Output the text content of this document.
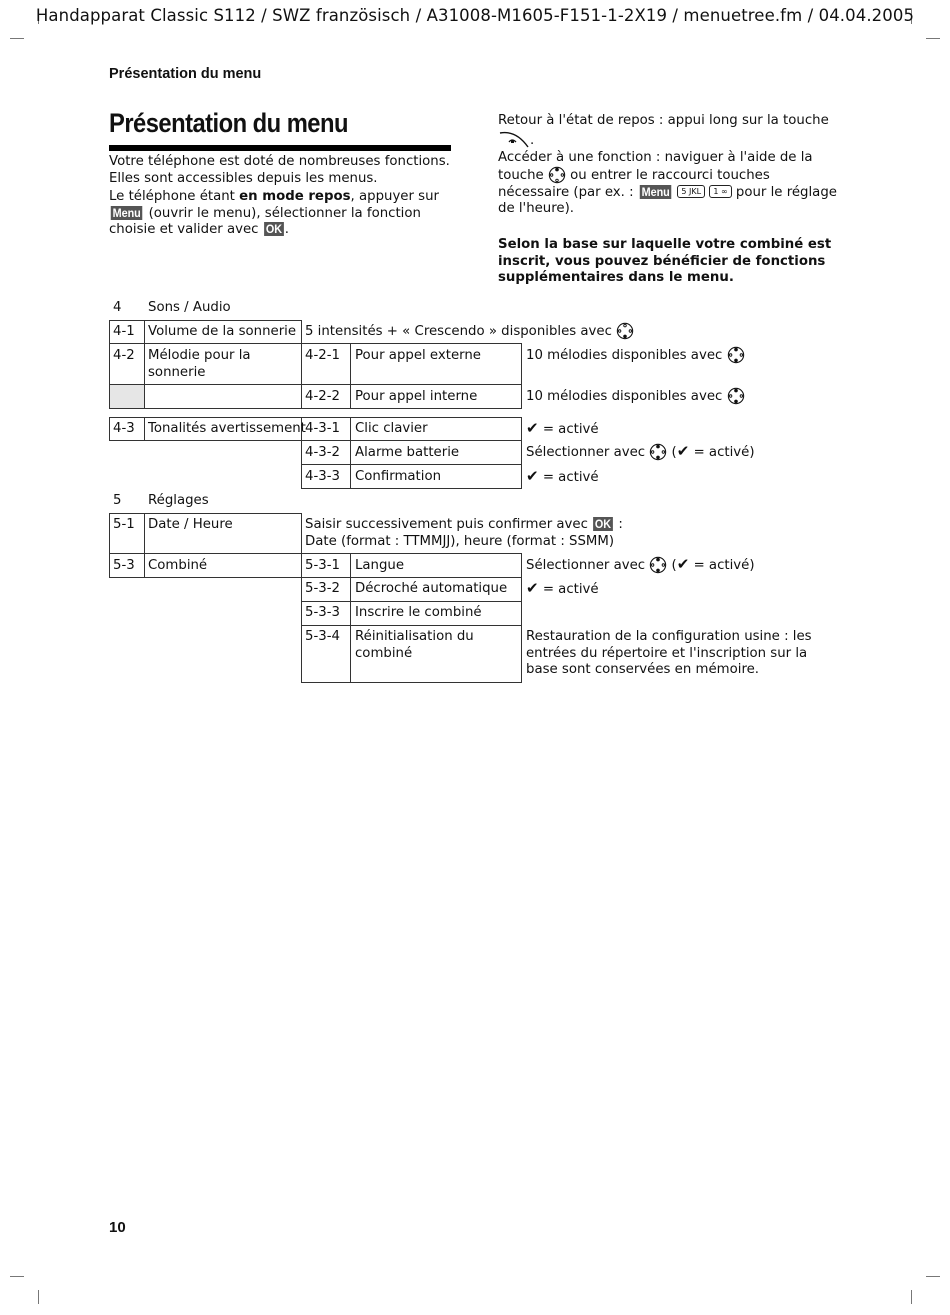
Handapparat Classic S112 / SWZ französisch / A31008-M1605-F151-1-2X19 / menuetree.fm / 04.04.2005
Présentation du menu
Présentation du menu
Votre téléphone est doté de nombreuses fonctions. Elles sont accessibles depuis les menus.
Le téléphone étant en mode repos, appuyer sur Menu (ouvrir le menu), sélectionner la fonction choisie et valider avec OK .
Retour à l'état de repos : appui long sur la touche .
Accéder à une fonction : naviguer à l'aide de la touche ou entrer le raccourci touches nécessaire (par ex. : Menu 5 JKL 1 ∞ pour le réglage de l'heure).
Selon la base sur laquelle votre combiné est inscrit, vous pouvez bénéficier de fonctions supplémentaires dans le menu.
4 Sons / Audio
4-1 Volume de la sonnerie 5 intensités + « Crescendo » disponibles avec
4-2 Mélodie pour la sonnerie
4-2-1 Pour appel externe	10 mélodies disponibles avec
4-2-2 Pour appel interne	10 mélodies disponibles avec
4-3 Tonalités avertissement 4-3-1 Clic clavier	✔ = activé
4-3-2 Alarme batterie	Sélectionner avec  (✔ = activé)
4-3-3 Confirmation	✔ = activé
5 Réglages
5-1 Date / Heure	Saisir successivement puis confirmer avec OK :
Date (format : TTMMJJ), heure (format : SSMM)
5-3 Combiné	5-3-1 Langue	Sélectionner avec  (✔ = activé)
5-3-2 Décroché automatique ✔ = activé
5-3-3 Inscrire le combiné
5-3-4 Réinitialisation du combiné
Restauration de la configuration usine : les entrées du répertoire et l'inscription sur la base sont conservées en mémoire.
10
